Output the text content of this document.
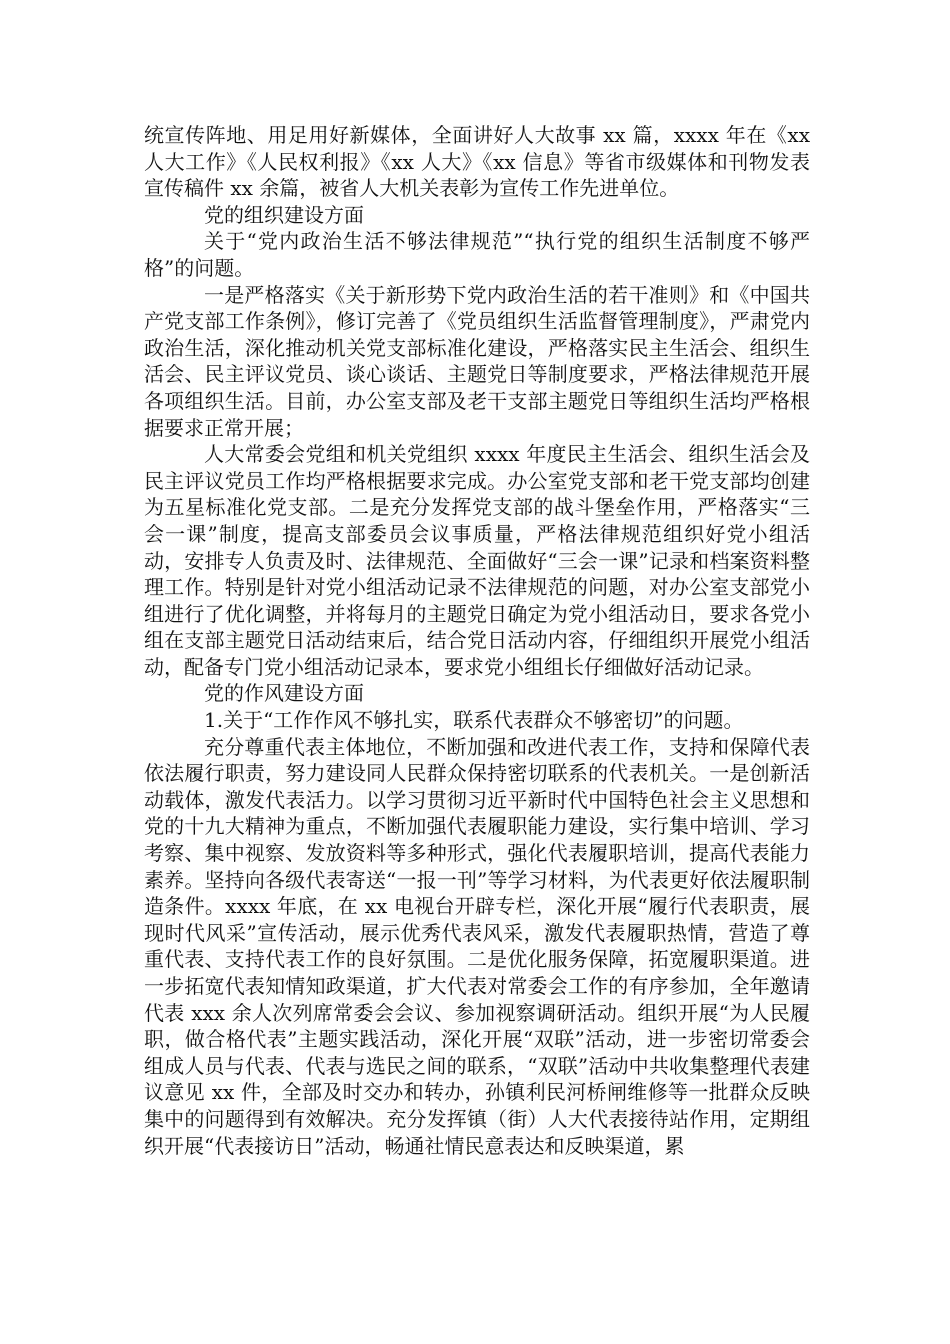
统宣传阵地、用足用好新媒体，全面讲好人大故事 xx 篇，xxxx 年在《xx 人大工作》《人民权利报》《xx 人大》《xx 信息》等省市级媒体和刊物发表宣传稿件 xx 余篇，被省人大机关表彰为宣传工作先进单位。

党的组织建设方面

关于“党内政治生活不够法律规范”“执行党的组织生活制度不够严格”的问题。

一是严格落实《关于新形势下党内政治生活的若干准则》和《中国共产党支部工作条例》，修订完善了《党员组织生活监督管理制度》，严肃党内政治生活，深化推动机关党支部标准化建设，严格落实民主生活会、组织生活会、民主评议党员、谈心谈话、主题党日等制度要求，严格法律规范开展各项组织生活。目前，办公室支部及老干支部主题党日等组织生活均严格根据要求正常开展；

人大常委会党组和机关党组织 xxxx 年度民主生活会、组织生活会及民主评议党员工作均严格根据要求完成。办公室党支部和老干党支部均创建为五星标准化党支部。二是充分发挥党支部的战斗堡垒作用，严格落实“三会一课”制度，提高支部委员会议事质量，严格法律规范组织好党小组活动，安排专人负责及时、法律规范、全面做好“三会一课”记录和档案资料整理工作。特别是针对党小组活动记录不法律规范的问题，对办公室支部党小组进行了优化调整，并将每月的主题党日确定为党小组活动日，要求各党小组在支部主题党日活动结束后，结合党日活动内容，仔细组织开展党小组活动，配备专门党小组活动记录本，要求党小组组长仔细做好活动记录。

党的作风建设方面

1.关于“工作作风不够扎实，联系代表群众不够密切”的问题。

充分尊重代表主体地位，不断加强和改进代表工作，支持和保障代表依法履行职责，努力建设同人民群众保持密切联系的代表机关。一是创新活动载体，激发代表活力。以学习贯彻习近平新时代中国特色社会主义思想和党的十九大精神为重点，不断加强代表履职能力建设，实行集中培训、学习考察、集中视察、发放资料等多种形式，强化代表履职培训，提高代表能力素养。坚持向各级代表寄送“一报一刊”等学习材料，为代表更好依法履职制造条件。xxxx 年底，在 xx 电视台开辟专栏，深化开展“履行代表职责，展现时代风采”宣传活动，展示优秀代表风采，激发代表履职热情，营造了尊重代表、支持代表工作的良好氛围。二是优化服务保障，拓宽履职渠道。进一步拓宽代表知情知政渠道，扩大代表对常委会工作的有序参加，全年邀请代表 xxx 余人次列席常委会会议、参加视察调研活动。组织开展“为人民履职，做合格代表”主题实践活动，深化开展“双联”活动，进一步密切常委会组成人员与代表、代表与选民之间的联系，“双联”活动中共收集整理代表建议意见 xx 件，全部及时交办和转办，孙镇利民河桥闸维修等一批群众反映集中的问题得到有效解决。充分发挥镇（街）人大代表接待站作用，定期组织开展“代表接访日”活动，畅通社情民意表达和反映渠道，累
